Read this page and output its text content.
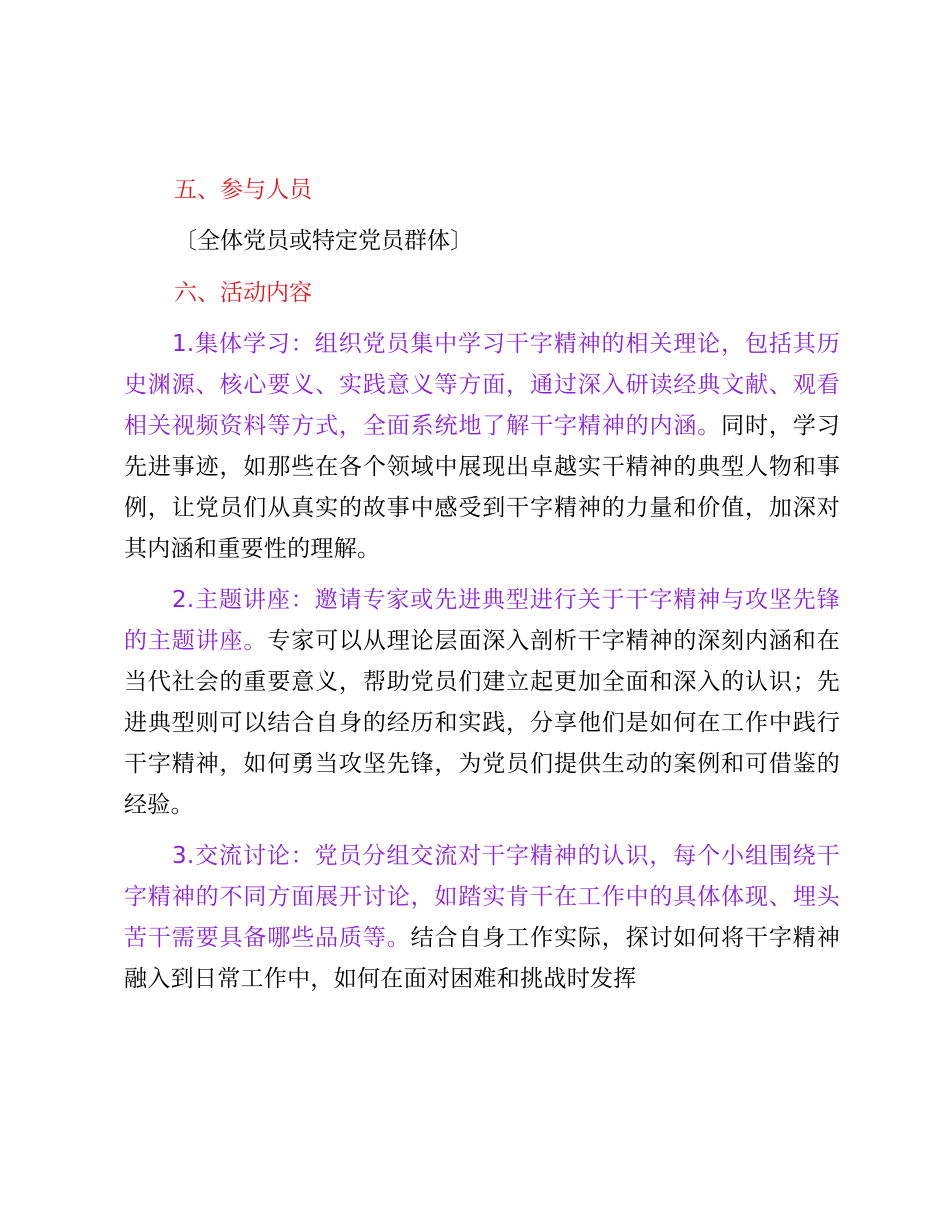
五、参与人员

〔全体党员或特定党员群体〕

六、活动内容

1.集体学习：组织党员集中学习干字精神的相关理论，包括其历史渊源、核心要义、实践意义等方面，通过深入研读经典文献、观看相关视频资料等方式，全面系统地了解干字精神的内涵。同时，学习先进事迹，如那些在各个领域中展现出卓越实干精神的典型人物和事例，让党员们从真实的故事中感受到干字精神的力量和价值，加深对其内涵和重要性的理解。

2.主题讲座：邀请专家或先进典型进行关于干字精神与攻坚先锋的主题讲座。专家可以从理论层面深入剖析干字精神的深刻内涵和在当代社会的重要意义，帮助党员们建立起更加全面和深入的认识；先进典型则可以结合自身的经历和实践，分享他们是如何在工作中践行干字精神，如何勇当攻坚先锋，为党员们提供生动的案例和可借鉴的经验。

3.交流讨论：党员分组交流对干字精神的认识，每个小组围绕干字精神的不同方面展开讨论，如踏实肯干在工作中的具体体现、埋头苦干需要具备哪些品质等。结合自身工作实际，探讨如何将干字精神融入到日常工作中，如何在面对困难和挑战时发挥
